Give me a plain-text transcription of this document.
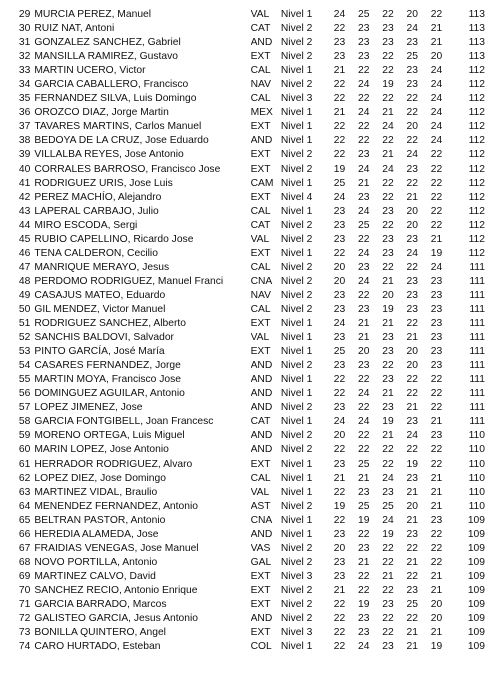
29	MURCIA PEREZ, Manuel	VAL	Nivel 1	24	25	22	20	22	113
30	RUIZ NAT, Antoni	CAT	Nivel 2	22	23	23	24	21	113
31	GONZALEZ SANCHEZ, Gabriel	AND	Nivel 2	23	23	23	23	21	113
32	MANSILLA RAMIREZ, Gustavo	EXT	Nivel 2	23	23	22	25	20	113
33	MARTIN UCERO, Victor	CAL	Nivel 1	21	22	22	23	24	112
34	GARCIA CABALLERO, Francisco	NAV	Nivel 2	22	24	19	23	24	112
35	FERNANDEZ SILVA, Luis Domingo	CAL	Nivel 3	22	22	22	22	24	112
36	OROZCO DIAZ, Jorge Martin	MEX	Nivel 1	21	24	21	22	24	112
37	TAVARES MARTINS, Carlos Manuel	EXT	Nivel 1	22	22	24	20	24	112
38	BEDOYA DE LA CRUZ, Jose Eduardo	AND	Nivel 1	22	22	22	22	24	112
39	VILLALBA REYES, Jose Antonio	EXT	Nivel 2	22	23	21	24	22	112
40	CORRALES BARROSO, Francisco Jose	EXT	Nivel 2	19	24	24	23	22	112
41	RODRIGUEZ URIS, Jose Luis	CAM	Nivel 1	25	21	22	22	22	112
42	PEREZ MACHÍO, Alejandro	EXT	Nivel 4	24	23	22	21	22	112
43	LAPERAL CARBAJO, Julio	CAL	Nivel 1	23	24	23	20	22	112
44	MIRO ESCODA, Sergi	CAT	Nivel 2	23	25	22	20	22	112
45	RUBIO CAPELLINO, Ricardo Jose	VAL	Nivel 2	23	22	23	23	21	112
46	TENA CALDERON, Cecilio	EXT	Nivel 1	22	24	23	24	19	112
47	MANRIQUE MERAYO, Jesus	CAL	Nivel 2	20	23	22	22	24	111
48	PERDOMO RODRIGUEZ, Manuel Franci	CNA	Nivel 2	20	24	21	23	23	111
49	CASAJUS MATEO, Eduardo	NAV	Nivel 2	23	22	20	23	23	111
50	GIL MENDEZ, Victor Manuel	CAL	Nivel 2	23	23	19	23	23	111
51	RODRIGUEZ SANCHEZ, Alberto	EXT	Nivel 1	24	21	21	22	23	111
52	SANCHIS BALDOVI, Salvador	VAL	Nivel 1	23	21	23	21	23	111
53	PINTO GARCÍA, José María	EXT	Nivel 1	25	20	23	20	23	111
54	CASARES FERNANDEZ, Jorge	AND	Nivel 2	23	23	22	20	23	111
55	MARTIN MOYA, Francisco Jose	AND	Nivel 1	22	22	23	22	22	111
56	DOMINGUEZ AGUILAR, Antonio	AND	Nivel 1	22	24	21	22	22	111
57	LOPEZ JIMENEZ, Jose	AND	Nivel 2	23	22	23	21	22	111
58	GARCIA FONTGIBELL, Joan Francesc	CAT	Nivel 1	24	24	19	23	21	111
59	MORENO ORTEGA, Luis Miguel	AND	Nivel 2	20	22	21	24	23	110
60	MARIN LOPEZ, Jose Antonio	AND	Nivel 2	22	22	22	22	22	110
61	HERRADOR RODRIGUEZ, Alvaro	EXT	Nivel 1	23	25	22	19	22	110
62	LOPEZ DIEZ, Jose Domingo	CAL	Nivel 1	21	21	24	23	21	110
63	MARTINEZ VIDAL, Braulio	VAL	Nivel 1	22	23	23	21	21	110
64	MENENDEZ FERNANDEZ, Antonio	AST	Nivel 2	19	25	25	20	21	110
65	BELTRAN PASTOR, Antonio	CNA	Nivel 1	22	19	24	21	23	109
66	HEREDIA ALAMEDA, Jose	AND	Nivel 1	23	22	19	23	22	109
67	FRAIDIAS VENEGAS, Jose Manuel	VAS	Nivel 2	20	23	22	22	22	109
68	NOVO PORTILLA, Antonio	GAL	Nivel 2	23	21	22	21	22	109
69	MARTINEZ CALVO, David	EXT	Nivel 3	23	22	21	22	21	109
70	SANCHEZ RECIO, Antonio Enrique	EXT	Nivel 2	21	22	22	23	21	109
71	GARCIA BARRADO, Marcos	EXT	Nivel 2	22	19	23	25	20	109
72	GALISTEO GARCIA, Jesus Antonio	AND	Nivel 2	22	23	22	22	20	109
73	BONILLA QUINTERO, Angel	EXT	Nivel 3	22	23	22	21	21	109
74	CARO HURTADO, Esteban	COL	Nivel 1	22	24	23	21	19	109
